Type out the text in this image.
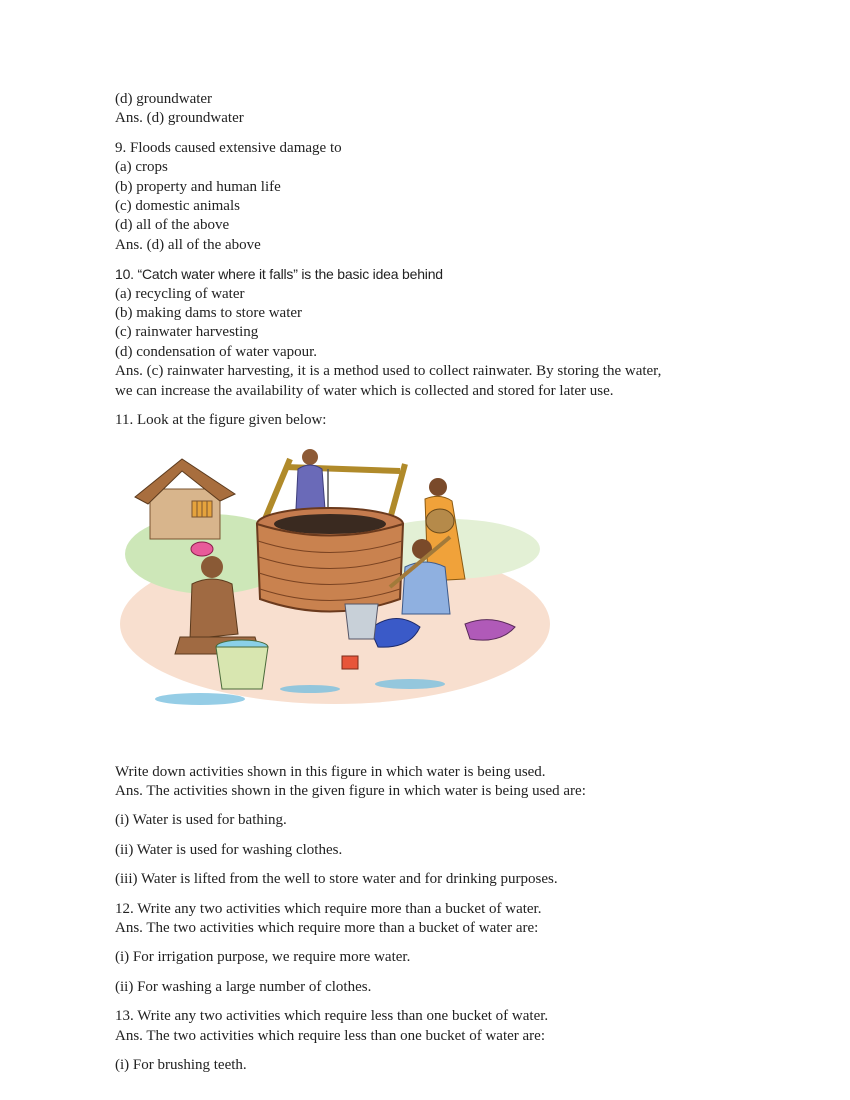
(d) groundwater
Ans. (d) groundwater
9. Floods caused extensive damage to
(a) crops
(b) property and human life
(c) domestic animals
(d) all of the above
Ans. (d) all of the above
10. “Catch water where it falls” is the basic idea behind
(a) recycling of water
(b) making dams to store water
(c) rainwater harvesting
(d) condensation of water vapour.
Ans. (c) rainwater harvesting, it is a method used to collect rainwater. By storing the water,
we can increase the availability of water which is collected and stored for later use.
11. Look at the figure given below:
Write down activities shown in this figure in which water is being used.
Ans. The activities shown in the given figure in which water is being used are:
(i) Water is used for bathing.
(ii) Water is used for washing clothes.
(iii) Water is lifted from the well to store water and for drinking purposes.
12. Write any two activities which require more than a bucket of water.
Ans. The two activities which require more than a bucket of water are:
(i) For irrigation purpose, we require more water.
(ii) For washing a large number of clothes.
13. Write any two activities which require less than one bucket of water.
Ans. The two activities which require less than one bucket of water are:
(i) For brushing teeth.
